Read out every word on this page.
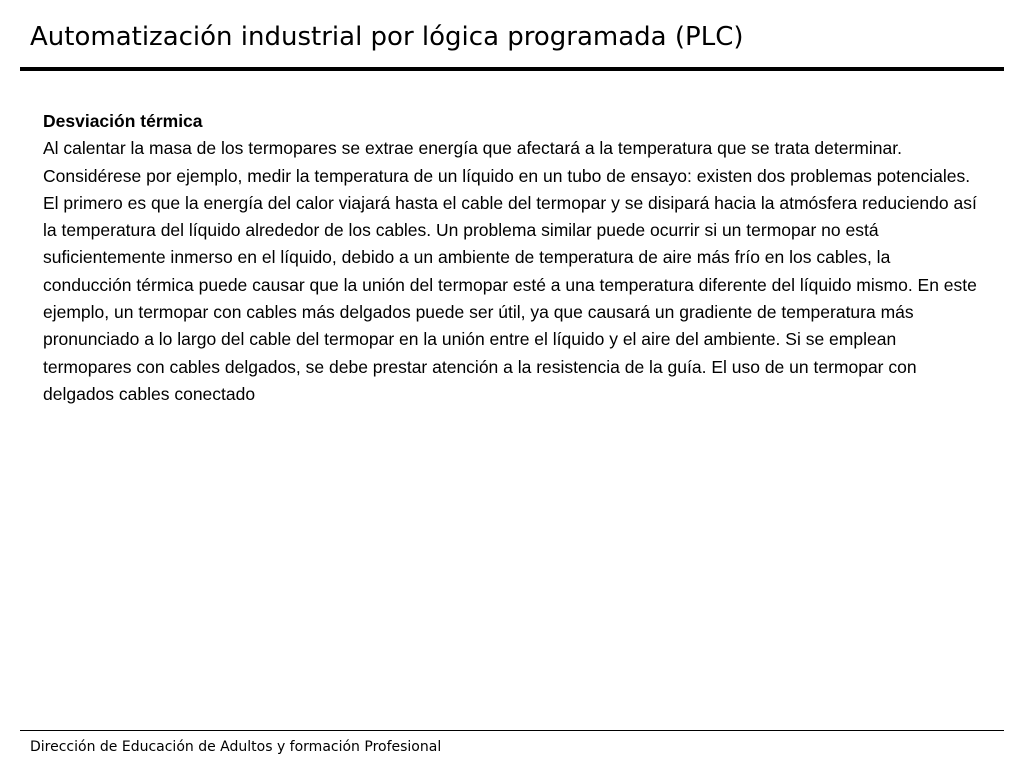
Automatización industrial por lógica programada (PLC)

Desviación térmica

Al calentar la masa de los termopares se extrae energía que afectará a la temperatura que se trata determinar. Considérese por ejemplo, medir la temperatura de un líquido en un tubo de ensayo: existen dos problemas potenciales. El primero es que la energía del calor viajará hasta el cable del termopar y se disipará hacia la atmósfera reduciendo así la temperatura del líquido alrededor de los cables. Un problema similar puede ocurrir si un termopar no está suficientemente inmerso en el líquido, debido a un ambiente de temperatura de aire más frío en los cables, la conducción térmica puede causar que la unión del termopar esté a una temperatura diferente del líquido mismo. En este ejemplo, un termopar con cables más delgados puede ser útil, ya que causará un gradiente de temperatura más pronunciado a lo largo del cable del termopar en la unión entre el líquido y el aire del ambiente. Si se emplean termopares con cables delgados, se debe prestar atención a la resistencia de la guía. El uso de un termopar con delgados cables conectado

Dirección de Educación de Adultos y formación Profesional
